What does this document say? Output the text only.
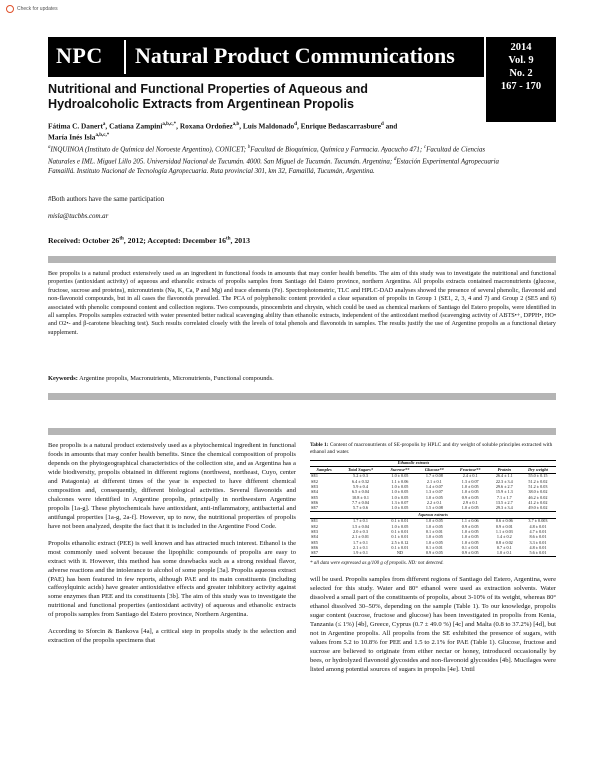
Check for updates
NPC Natural Product Communications	2014
Vol. 9
No. 2
167 - 170
Nutritional and Functional Properties of Aqueous and
Hydroalcoholic Extracts from Argentinean Propolis
Fátima C. Danert$^a$, Catiana Zampini$^{a,b,c,*}$, Roxana Ordoñez$^{a,b}$, Luis Maldonado$^d$, Enrique Bedascarrasbure$^d$ and
María Inés Isla$^{a,b,c,*}$
$^a$INQUINOA (Instituto de Química del Noroeste Argentino), CONICET; $^b$Facultad de Bioquímica, Química y Farmacia. Ayacucho 471; $^c$Facultad de Ciencias Naturales e IML. Miguel Lillo 205. Universidad Nacional de Tucumán. 4000. San Miguel de Tucumán. Tucumán. Argentina; $^d$Estación Experimental Agropecuaria Famaillá. Instituto Nacional de Tecnología Agropecuaria. Ruta provincial 301, km 32, Famaillá, Tucumán, Argentina.
#Both authors have the same participation
misla@tucbbs.com.ar
Received: October 26th, 2012; Accepted: December 16th, 2013
Bee propolis is a natural product extensively used as an ingredient in functional foods in amounts that may confer health benefits. The aim of this study was to investigate the nutritional and functional properties (antioxidant activity) of aqueous and ethanolic extracts of propolis samples from Santiago del Estero province, northern Argentina. All propolis extracts contained macronutrients (glucose, fructose, sucrose and proteins), micronutrients (Na, K, Ca, P and Mg) and trace elements (Fe). Spectrophotometric, TLC and HPLC-DAD analyses showed the presence of several phenolic, flavonoid and non-flavonoid compounds, but in all cases the flavonoids prevailed. The PCA of polyphenolic content provided a clear separation of propolis in Group 1 (SE1, 2, 3, 4 and 7) and Group 2 (SE5 and 6) associated with phenolic compound content and collection regions. Two compounds, pinocembrin and chrysin, which could be used as chemical markers of Santiago del Estero propolis, were identified in all samples. Propolis samples extracted with water presented better radical scavenging ability than ethanolic extracts, independent of the antioxidant method (scavenging activity of ABTS•+, DPPH•, HO• and O2•- and β-carotene bleaching test). Such results correlated closely with the levels of total phenols and flavonoids in samples. The results justify the use of Argentine propolis as a functional dietary supplement.
Keywords: Argentine propolis, Macronutrients, Micronutrients, Functional compounds.

Bee propolis is a natural product extensively used as a phytochemical ingredient in functional foods in amounts that may confer health benefits. Since the chemical composition of propolis depends on the phytogeographical characteristics of the collection site, and as Argentina has a wide biodiversity, propolis obtained in different regions (northwest, northeast, Cuyo, center and Patagonia) at different times of the year is expected to have different chemical composition and, consequently, different biological activities. Several flavonoids and chalcones were identified in Argentine propolis, principally in northwestern Argentine propolis [1a-g]. These phytochemicals have antioxidant, anti-inflammatory, antibacterial and antifungal properties [1a-g, 2a-f]. However, up to now, the nutritional properties of propolis have not been analyzed, despite the fact that it is included in the Argentine Food Code.

Propolis ethanolic extract (PEE) is well known and has attracted much interest. Ethanol is the most commonly used solvent because the lipophilic compounds of propolis are easy to extract with it. However, this method has some drawbacks such as a strong residual flavor, adverse reactions and the intolerance to alcohol of some people [3a]. Propolis aqueous extract (PAE) has been featured in few reports, although PAE and its main constituents (including caffeoylquinic acids) have greater antioxidative effects and greater inhibitory activity against some enzymes than PEE and its constituents [3b]. The aim of this study was to investigate the nutritional and functional properties (antioxidant activity) of aqueous and ethanolic extracts of propolis samples from Santiago del Estero province, Northern Argentina.

According to Sforcin & Bankova [4a], a critical step in propolis study is the selection and extraction of the propolis specimens that

Table 1: Content of macronutrients of SE-propolis by HPLC and dry weight of soluble principles extracted with ethanol and water.
	Ethanolic extracts					
Samples	Total Sugars*	Sucrose**	Glucose**	Fructose**	Protein	Dry weight
SE1	5.2 ± 0.3	1.0 ± 0.05	1.7 ± 0.08	2.4 ± 0.1	26.4 ± 1.1	55.0 ± 0.15
SE2	6.4 ± 0.32	1.1 ± 0.06	2.1 ± 0.1	1.3 ± 0.07	22.3 ± 3.4	51.2 ± 0.02
SE3	5.9 ± 0.4	1.0 ± 0.05	1.4 ± 0.07	1.0 ± 0.05	29.6 ± 2.7	51.2 ± 0.03
SE4	6.5 ± 0.04	1.0 ± 0.05	1.3 ± 0.07	1.0 ± 0.05	15.9 ± 1.3	38.0 ± 0.02
SE5	10.8 ± 0.1	1.0 ± 0.05	1.0 ± 0.05	0.9 ± 0.05	7.1 ± 1.7	46.2 ± 0.02
SE6	7.7 ± 0.04	1.3 ± 0.07	2.2 ± 0.1	2.9 ± 0.1	13.5 ± 2.7	41.2 ± 0.02
SE7	5.7 ± 0.6	1.0 ± 0.05	1.5 ± 0.08	1.0 ± 0.05	29.3 ± 3.4	49.0 ± 0.02
Aqueous extracts						
SE1	1.7 ± 0.1	0.1 ± 0.01	1.0 ± 0.05	1.1 ± 0.06	0.6 ± 0.06	3.7 ± 0.003
SE2	1.5 ± 0.04	1.0 ± 0.05	1.0 ± 0.05	0.9 ± 0.05	0.9 ± 0.01	4.8 ± 0.01
SE3	2.0 ± 0.3	0.1 ± 0.01	0.1 ± 0.01	1.0 ± 0.05	1.1 ± 0.03	4.7 ± 0.01
SE4	2.1 ± 0.01	0.1 ± 0.01	1.0 ± 0.05	1.0 ± 0.05	1.4 ± 0.2	8.6 ± 0.01
SE5	1.7 ± 0.1	2.5 ± 0.12	1.0 ± 0.05	1.0 ± 0.05	0.8 ± 0.02	3.3 ± 0.01
SE6	2.1 ± 0.1	0.1 ± 0.01	0.1 ± 0.01	0.1 ± 0.01	0.7 ± 0.1	4.8 ± 0.01
SE7	1.9 ± 0.1	ND	0.9 ± 0.05	0.9 ± 0.05	1.0 ± 0.1	5.6 ± 0.01
* all data were expressed as g/100 g of propolis. ND: not detected.

will be used. Propolis samples from different regions of Santiago del Estero, Argentina, were selected for this study. Water and 80° ethanol were used as extraction solvents. Water dissolved a small part of the constituents of propolis, about 3-10% of its weight, whereas 80° ethanol dissolved 30–50%, depending on the sample (Table 1). To our knowledge, propolis sugar content (sucrose, fructose and glucose) has been investigated in propolis from Kenia, Tanzania (≤ 1%) [4b], Greece, Cyprus (0.7 ± 49.0 %) [4c] and Malta (0.8 to 37.2%) [4d], but not in Argentine propolis. All propolis from the SE exhibited the presence of sugars, with values from 5.2 to 10.8% for PEE and 1.5 to 2.1% for PAE (Table 1). Glucose, fructose and sucrose are believed to originate from either nectar or honey, introduced occasionally by bees, or hydrolyzed flavonoid glycosides and non-flavonoid glycosides [4b]. Mucilages were listed among potential sources of sugars in propolis [4e]. Until
